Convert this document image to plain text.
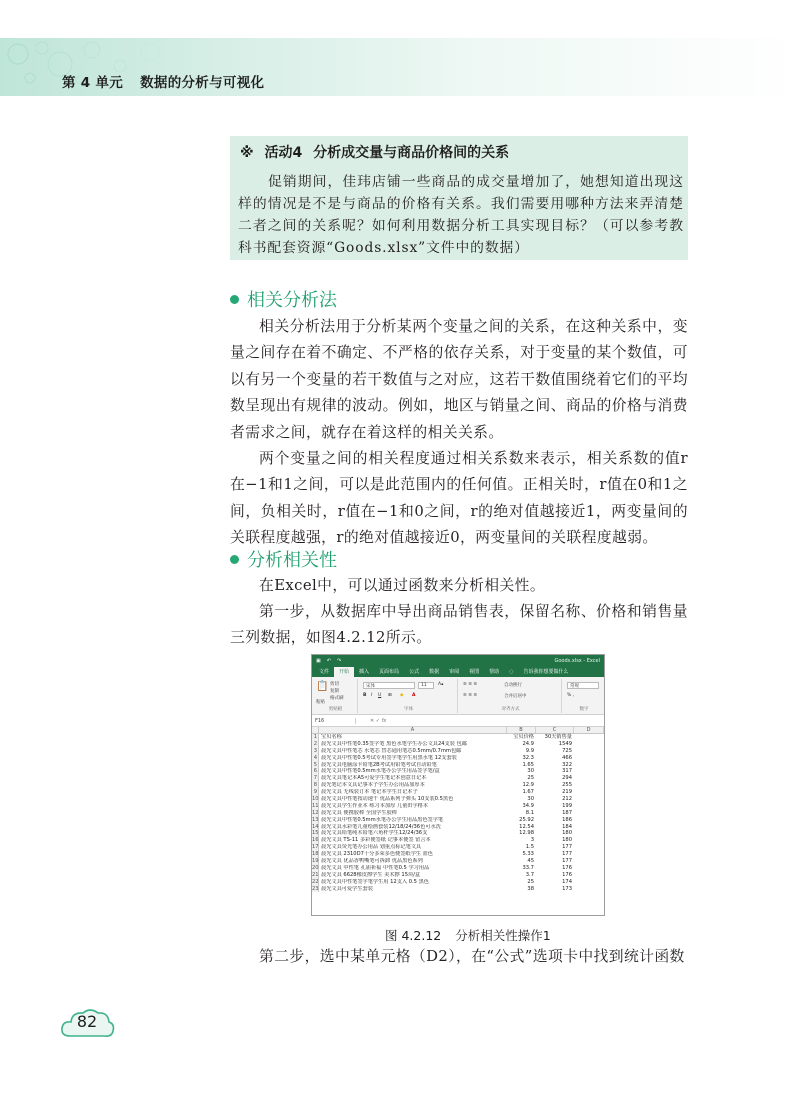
第 4 单元 数据的分析与可视化
※ 活动4 分析成交量与商品价格间的关系
促销期间，佳玮店铺一些商品的成交量增加了，她想知道出现这样的情况是不是与商品的价格有关系。我们需要用哪种方法来弄清楚二者之间的关系呢？如何利用数据分析工具实现目标？（可以参考教科书配套资源“Goods.xlsx”文件中的数据）
相关分析法
相关分析法用于分析某两个变量之间的关系，在这种关系中，变量之间存在着不确定、不严格的依存关系，对于变量的某个数值，可以有另一个变量的若干数值与之对应，这若干数值围绕着它们的平均数呈现出有规律的波动。例如，地区与销量之间、商品的价格与消费者需求之间，就存在着这样的相关关系。
两个变量之间的相关程度通过相关系数来表示，相关系数的值r在−1和1之间，可以是此范围内的任何值。正相关时，r值在0和1之间，负相关时，r值在−1和0之间，r的绝对值越接近1，两变量间的关联程度越强，r的绝对值越接近0，两变量间的关联程度越弱。
分析相关性
在Excel中，可以通过函数来分析相关性。
第一步，从数据库中导出商品销售表，保留名称、价格和销售量三列数据，如图4.2.12所示。
▣ ↶ ↷	Goods.xlsx - Excel
文件	开始	插入	页面布局	公式	数据	审阅	视图	帮助	◌	告诉我你想要做什么
📋
粘贴
剪切
复制
格式刷
剪贴板
宋体	11	A▴
B I U ⊞ ◆ A
字体
≡ ≡ ≡
≡ ≡ ≡
自动换行
合并后居中
对齐方式
常规
% ,
数字
F16	✕ ✓ fx
A	B	C	D
1 宝贝名称	宝贝价格	30天销售量
2 晨光文具中性笔0.35签字笔 黑色水笔学生办公文具24支装 包邮	24.9	1549
3 晨光文具中性笔芯 水笔芯 替芯通用笔芯0.5mm/0.7mm包邮	9.9	725
4 晨光文具中性笔0.5考试专用签字笔学生用黑水笔 12支套装	32.3	466
5 晨光文具电脑涂卡铅笔2B考试用铅笔考试自动铅笔	1.65	322
6 晨光文具中性笔0.5mm水笔办公学生用品签字笔/盒	30	317
7 晨光文具笔记本A5可爱学生笔记本创意日记本	25	294
8 晨光笔记本文具记事本子学生办公用品加厚本	12.9	255
9 晨光文具 无线装订本 笔记本学生日记本子	1.67	219
10 晨光文具中性笔按动速干 优品系列子弹头 10支装0.5黑色	30	212
11 晨光文具学生作业本 练习本加厚 儿童田字格本	34.9	199
12 晨光文具 便携胶棒 全国学生胶棒	8.1	187
13 晨光文具中性笔0.5mm水笔办公学生用品黑色签字笔	25.92	186
14 晨光文具水彩笔儿童绘画套装12/18/24/36色可水洗	12.54	184
15 晨光文具铅笔纯木铅笔六角杆学生12/24/36支	12.98	180
16 晨光文具 TS-11 多彩便签纸 记事本便签 留言本	3	180
17 晨光文具荧光笔办公用品 划重点标记笔文具	1.5	177
18 晨光文具 2310D7十分多荣多色便签纸学生 蓝色	5.33	177
19 晨光文具 优品香鸭嘴笔可拆卸 优品黑色系列	45	177
20 晨光文具 中性笔 孔庙祈福 中性笔0.5 学习用品	33.7	176
21 晨光文具 6628橡皮擦学生 美术擦 15块/盒	3.7	176
22 晨光文具中性笔签字笔学生用 12支入 0.5 黑色	25	174
23 晨光文具可爱学生套装	38	173
图 4.2.12 分析相关性操作1
第二步，选中某单元格（D2），在“公式”选项卡中找到统计函数
82
